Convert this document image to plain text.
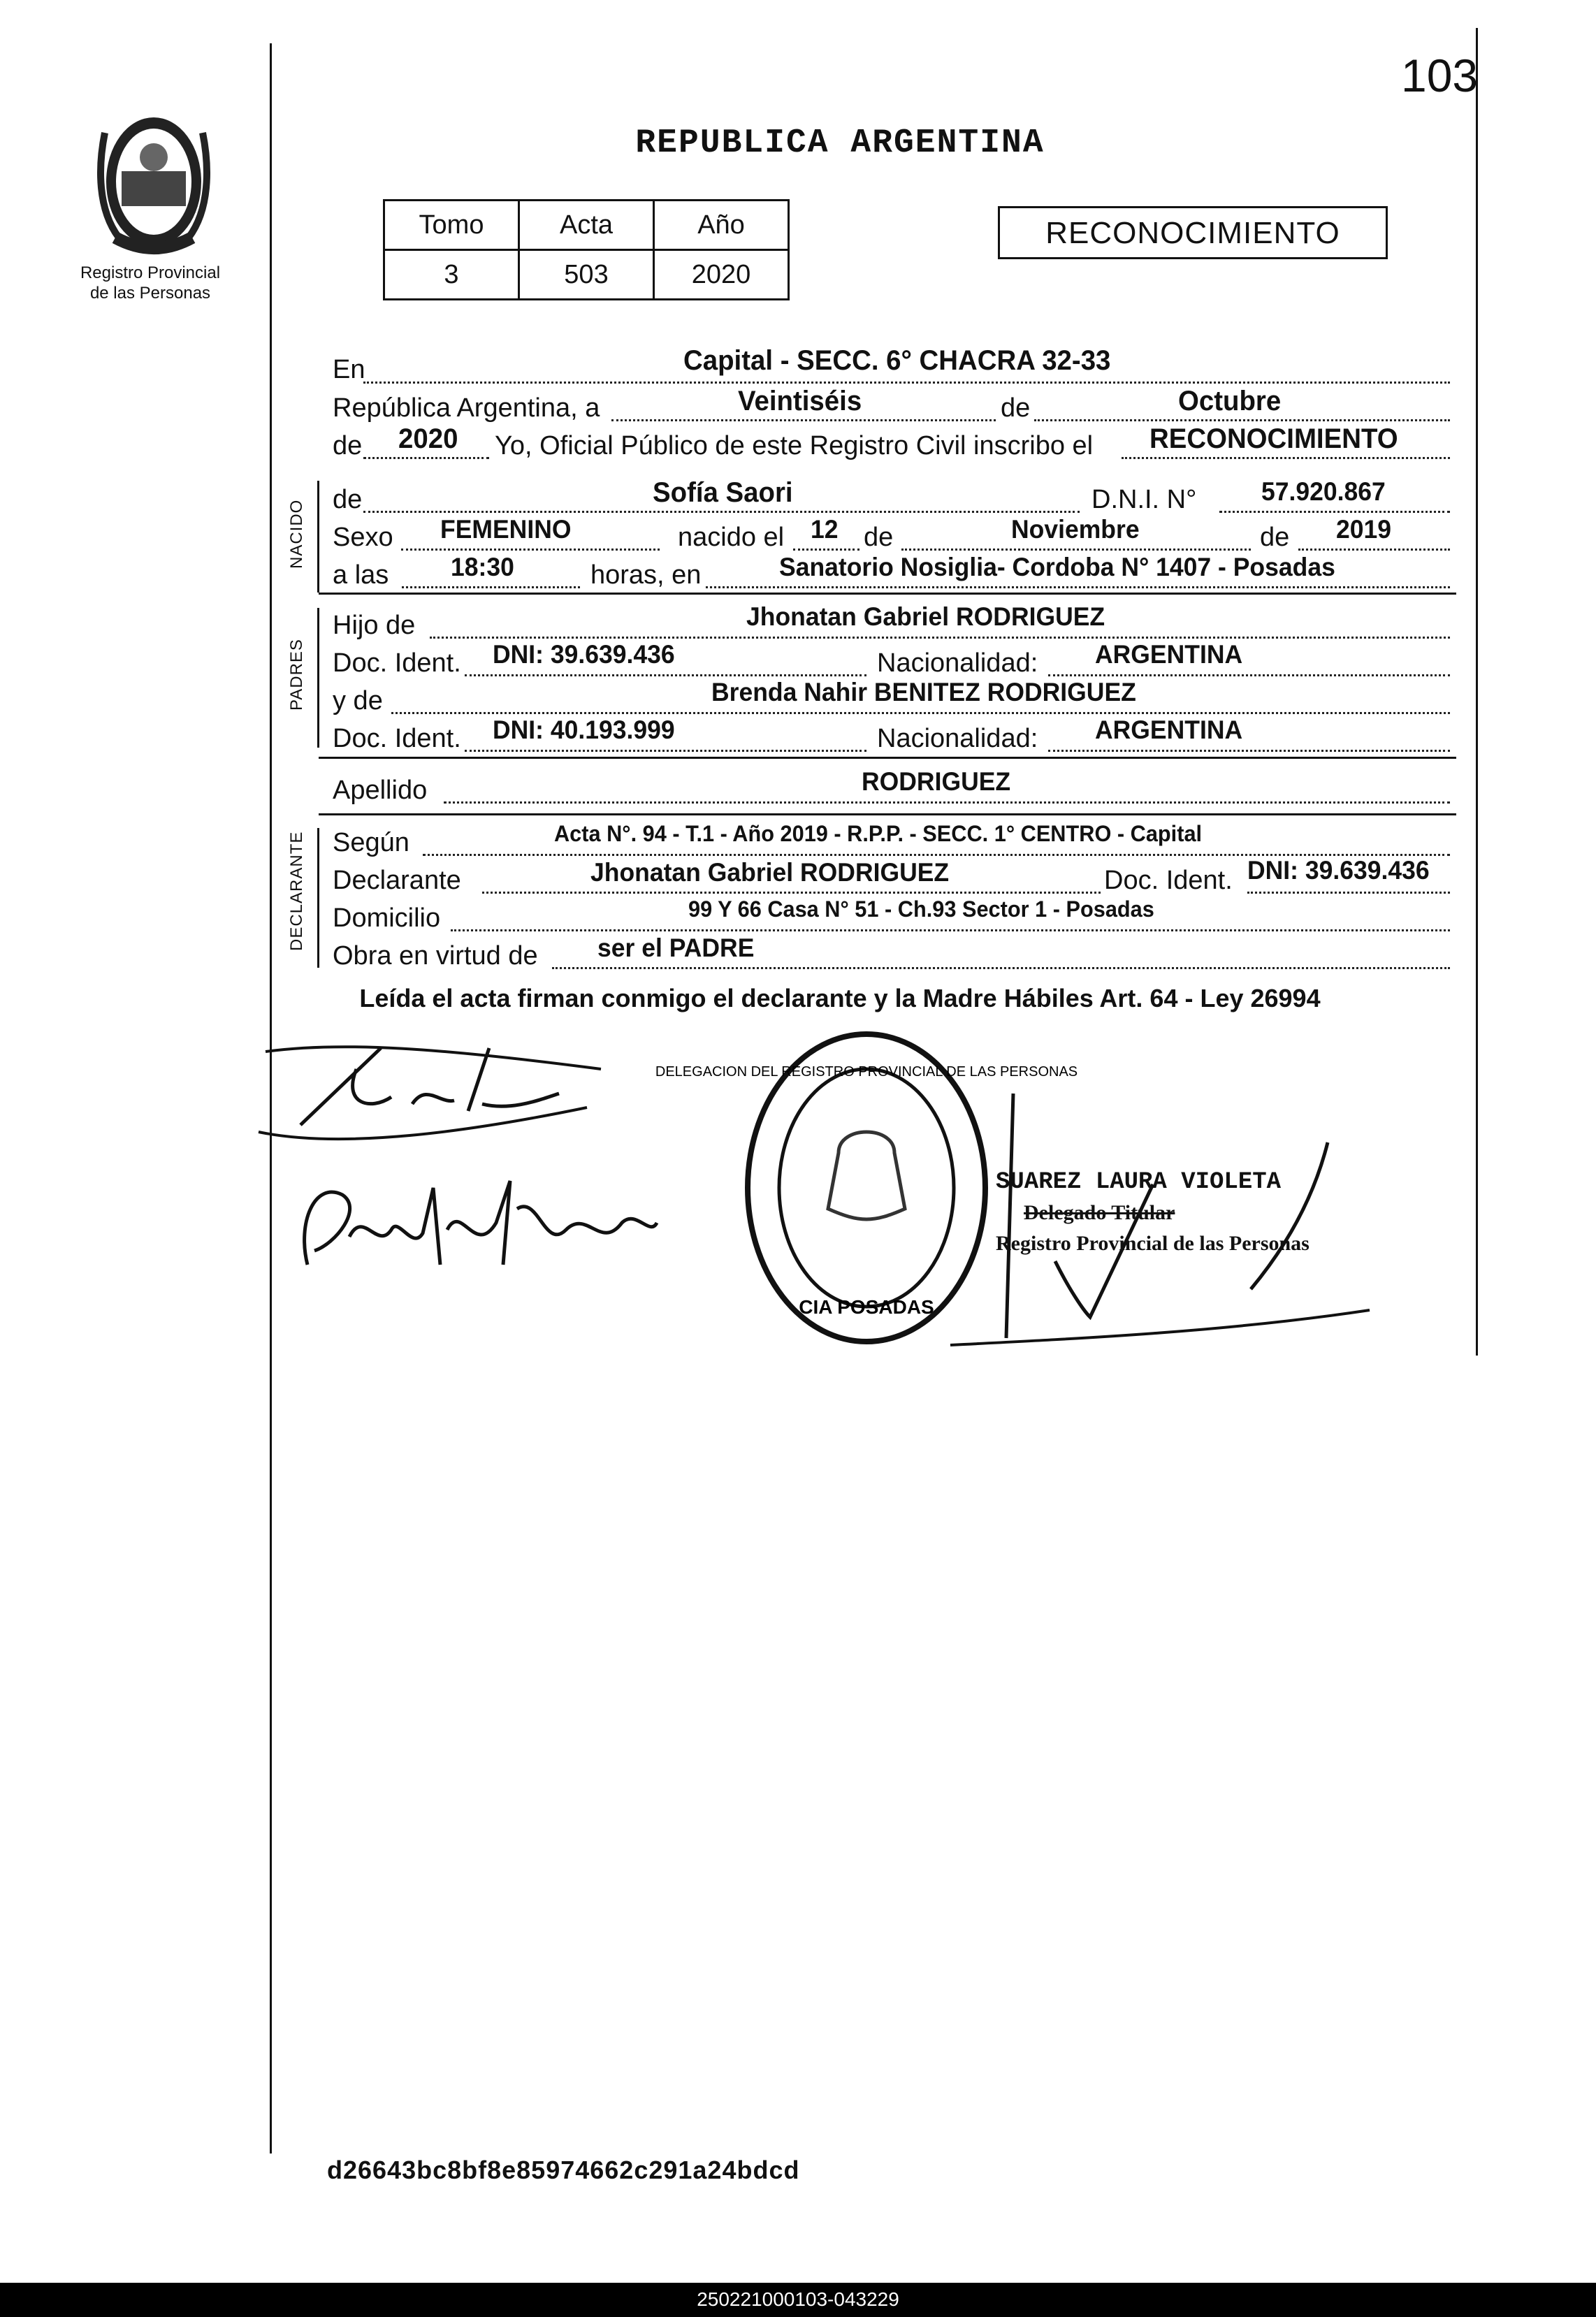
103
REPUBLICA ARGENTINA
Registro Provincial
de las Personas
Tomo	Acta	Año
3	503	2020
RECONOCIMIENTO
En	Capital - SECC. 6° CHACRA 32-33
República Argentina, a	Veintiséis	de	Octubre
de 2020 Yo, Oficial Público de este Registro Civil inscribo el RECONOCIMIENTO
NACIDO de	Sofía Saori	D.N.I. N°	57.920.867
Sexo FEMENINO	nacido el 12 de	Noviembre	de 2019
a las 18:30	horas, en	Sanatorio Nosiglia- Cordoba N° 1407 - Posadas
PADRES
Hijo de	Jhonatan Gabriel RODRIGUEZ
Doc. Ident. DNI: 39.639.436	Nacionalidad: ARGENTINA
y de	Brenda Nahir BENITEZ RODRIGUEZ
Doc. Ident. DNI: 40.193.999	Nacionalidad: ARGENTINA
Apellido	RODRIGUEZ
DECLARANTE Según	Acta N°. 94 - T.1 - Año 2019 - R.P.P. - SECC. 1° CENTRO - Capital
Declarante	Jhonatan Gabriel RODRIGUEZ	Doc. Ident. DNI: 39.639.436
Domicilio	99 Y 66 Casa N° 51 - Ch.93 Sector 1 - Posadas
Obra en virtud de ser el PADRE
Leída el acta firman conmigo el declarante y la Madre Hábiles Art. 64 - Ley 26994
CIA POSADAS
DELEGACION DEL REGISTRO PROVINCIAL DE LAS PERSONAS
SUAREZ LAURA VIOLETA
Delegado Titular
Registro Provincial de las Personas
d26643bc8bf8e85974662c291a24bdcd
250221000103-043229
